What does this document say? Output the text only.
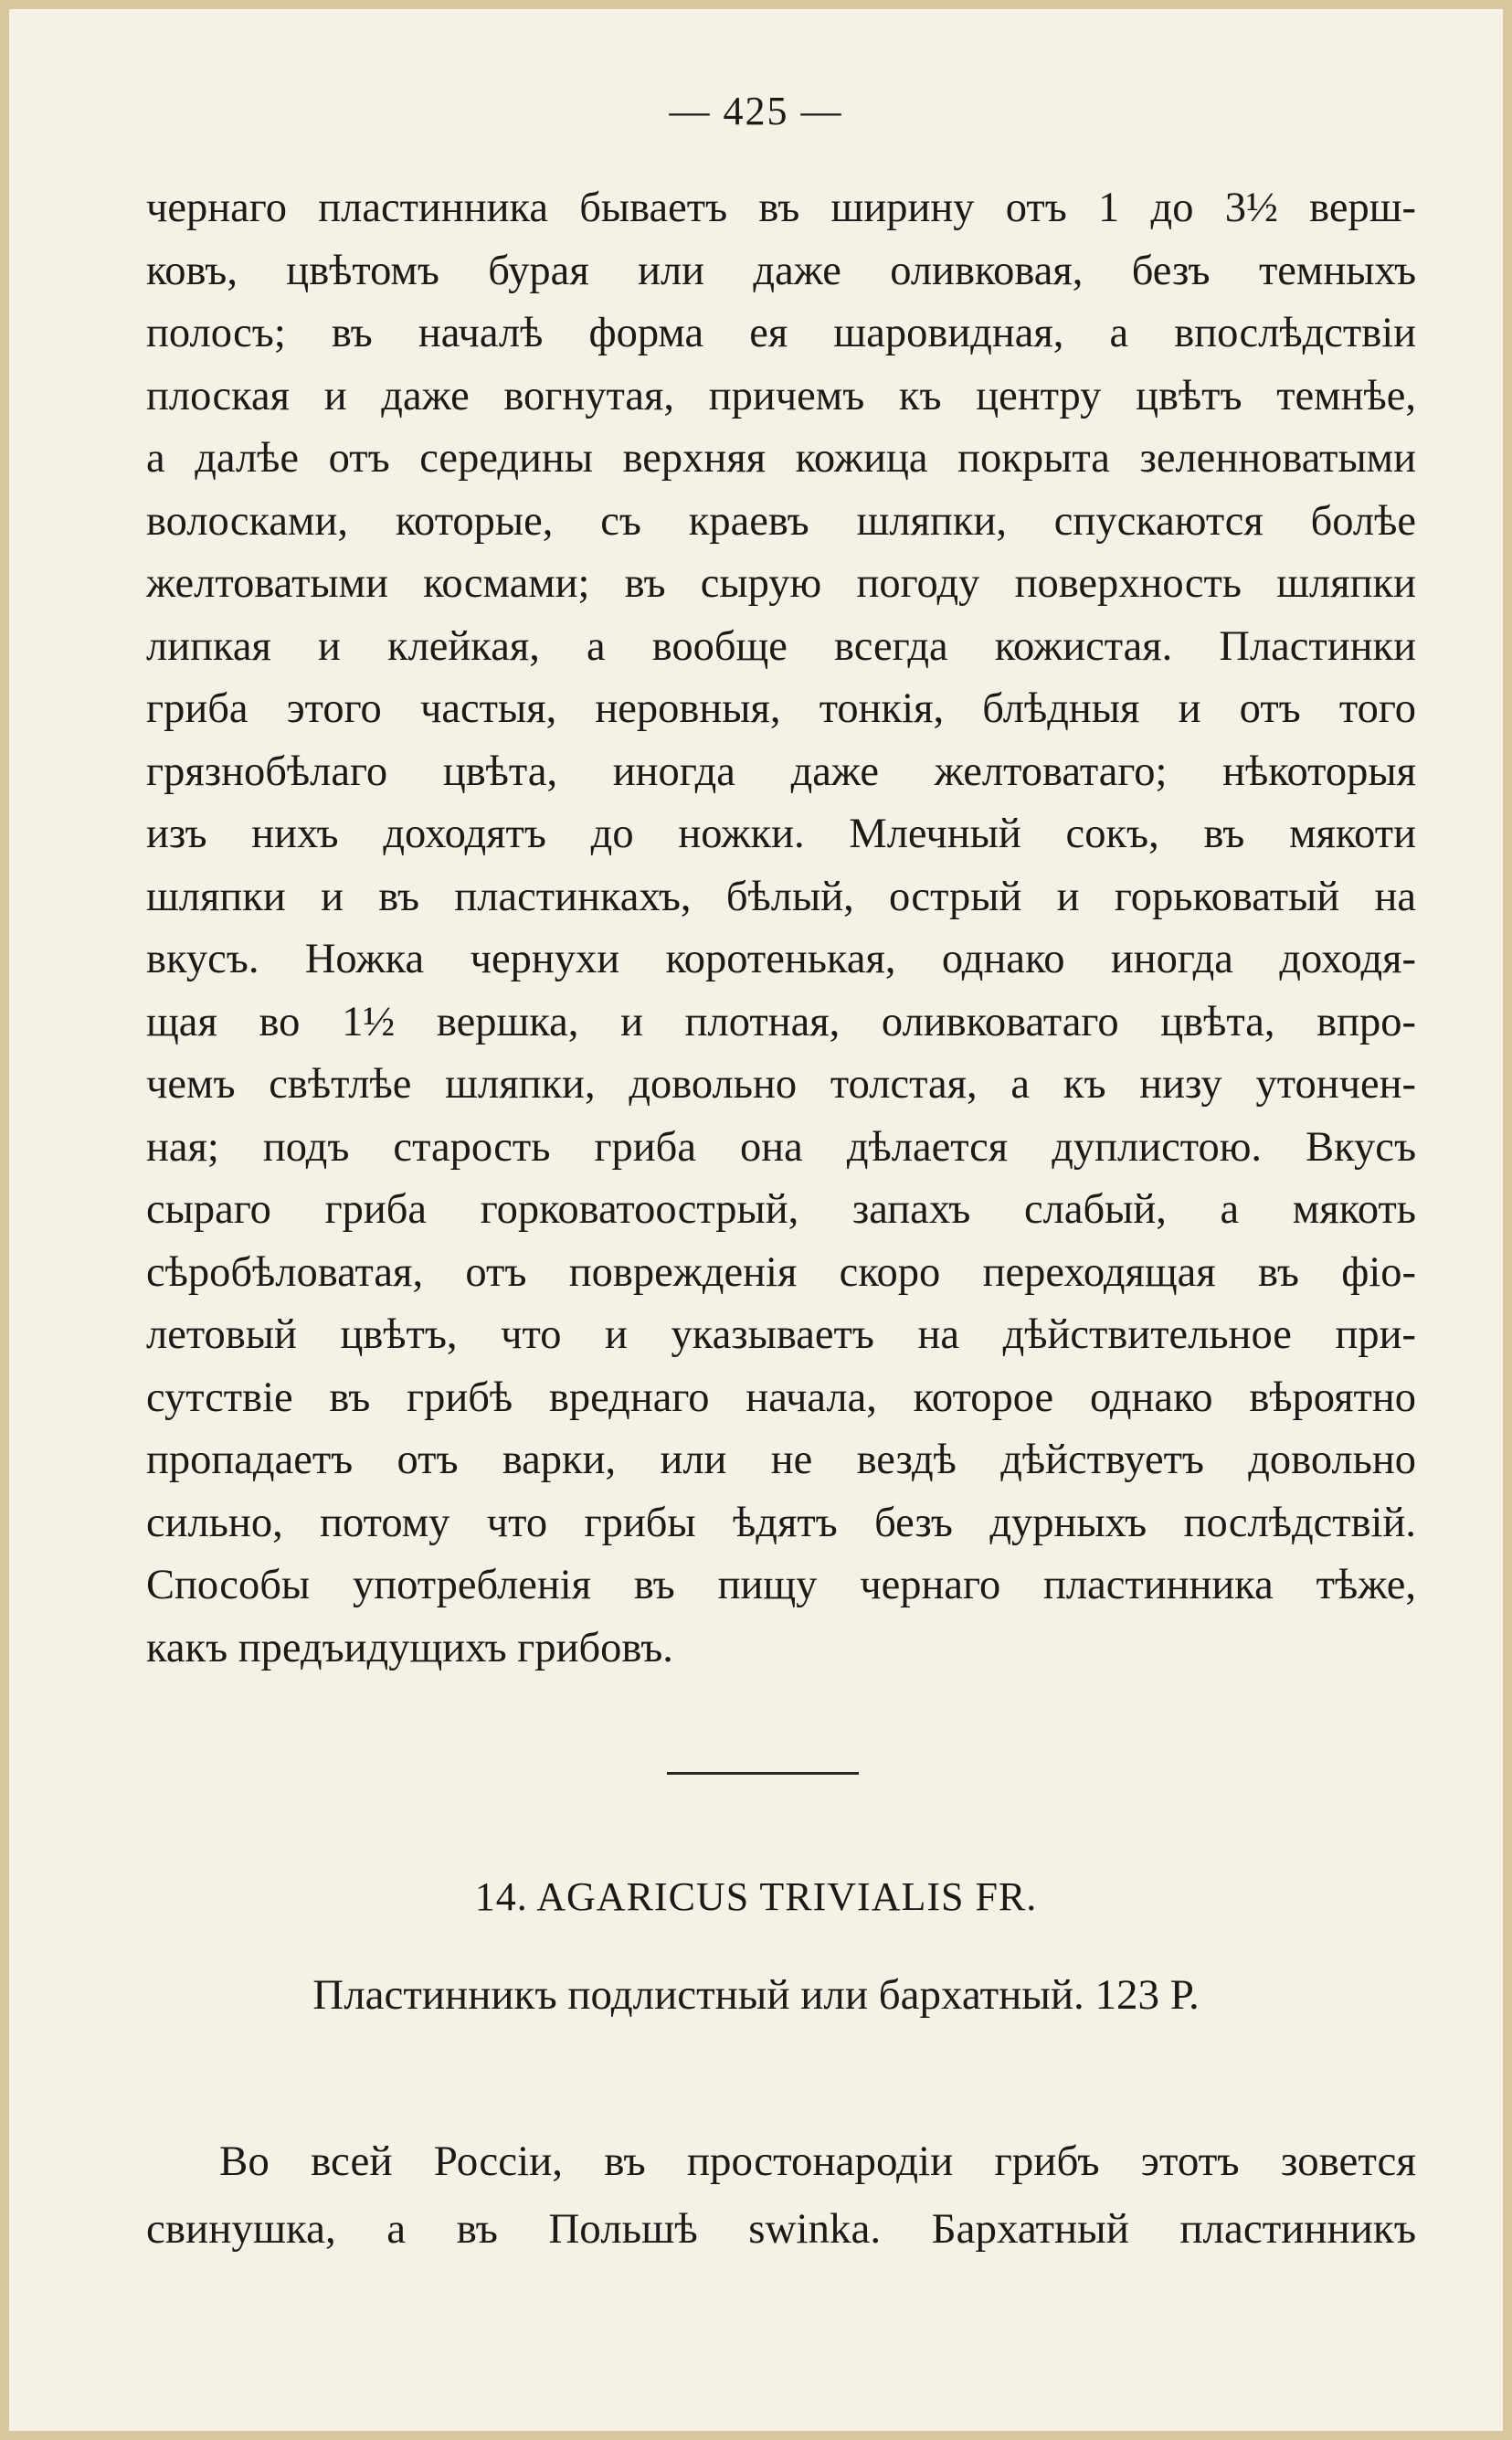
— 425 —
чернаго пластинника бываетъ въ ширину отъ 1 до 3½ верш-
ковъ, цвѣтомъ бурая или даже оливковая, безъ темныхъ
полосъ; въ началѣ форма ея шаровидная, а впослѣдствіи
плоская и даже вогнутая, причемъ къ центру цвѣтъ темнѣе,
а далѣе отъ середины верхняя кожица покрыта зеленноватыми
волосками, которые, съ краевъ шляпки, спускаются болѣе
желтоватыми космами; въ сырую погоду поверхность шляпки
липкая и клейкая, а вообще всегда кожистая. Пластинки
гриба этого частыя, неровныя, тонкія, блѣдныя и отъ того
грязнобѣлаго цвѣта, иногда даже желтоватаго; нѣкоторыя
изъ нихъ доходятъ до ножки. Млечный сокъ, въ мякоти
шляпки и въ пластинкахъ, бѣлый, острый и горьковатый на
вкусъ. Ножка чернухи коротенькая, однако иногда доходя-
щая во 1½ вершка, и плотная, оливковатаго цвѣта, впро-
чемъ свѣтлѣе шляпки, довольно толстая, а къ низу утончен-
ная; подъ старость гриба она дѣлается дуплистою. Вкусъ
сыраго гриба горковатоострый, запахъ слабый, а мякоть
сѣробѣловатая, отъ поврежденія скоро переходящая въ фіо-
летовый цвѣтъ, что и указываетъ на дѣйствительное при-
сутствіе въ грибѣ вреднаго начала, которое однако вѣроятно
пропадаетъ отъ варки, или не вездѣ дѣйствуетъ довольно
сильно, потому что грибы ѣдятъ безъ дурныхъ послѣдствій.
Способы употребленія въ пищу чернаго пластинника тѣже,
какъ предъидущихъ грибовъ.
14. AGARICUS TRIVIALIS FR.
Пластинникъ подлистный или бархатный. 123 Р.
Во всей Россіи, въ простонародіи грибъ этотъ зовется
свинушка, а въ Польшѣ swinka. Бархатный пластинникъ
